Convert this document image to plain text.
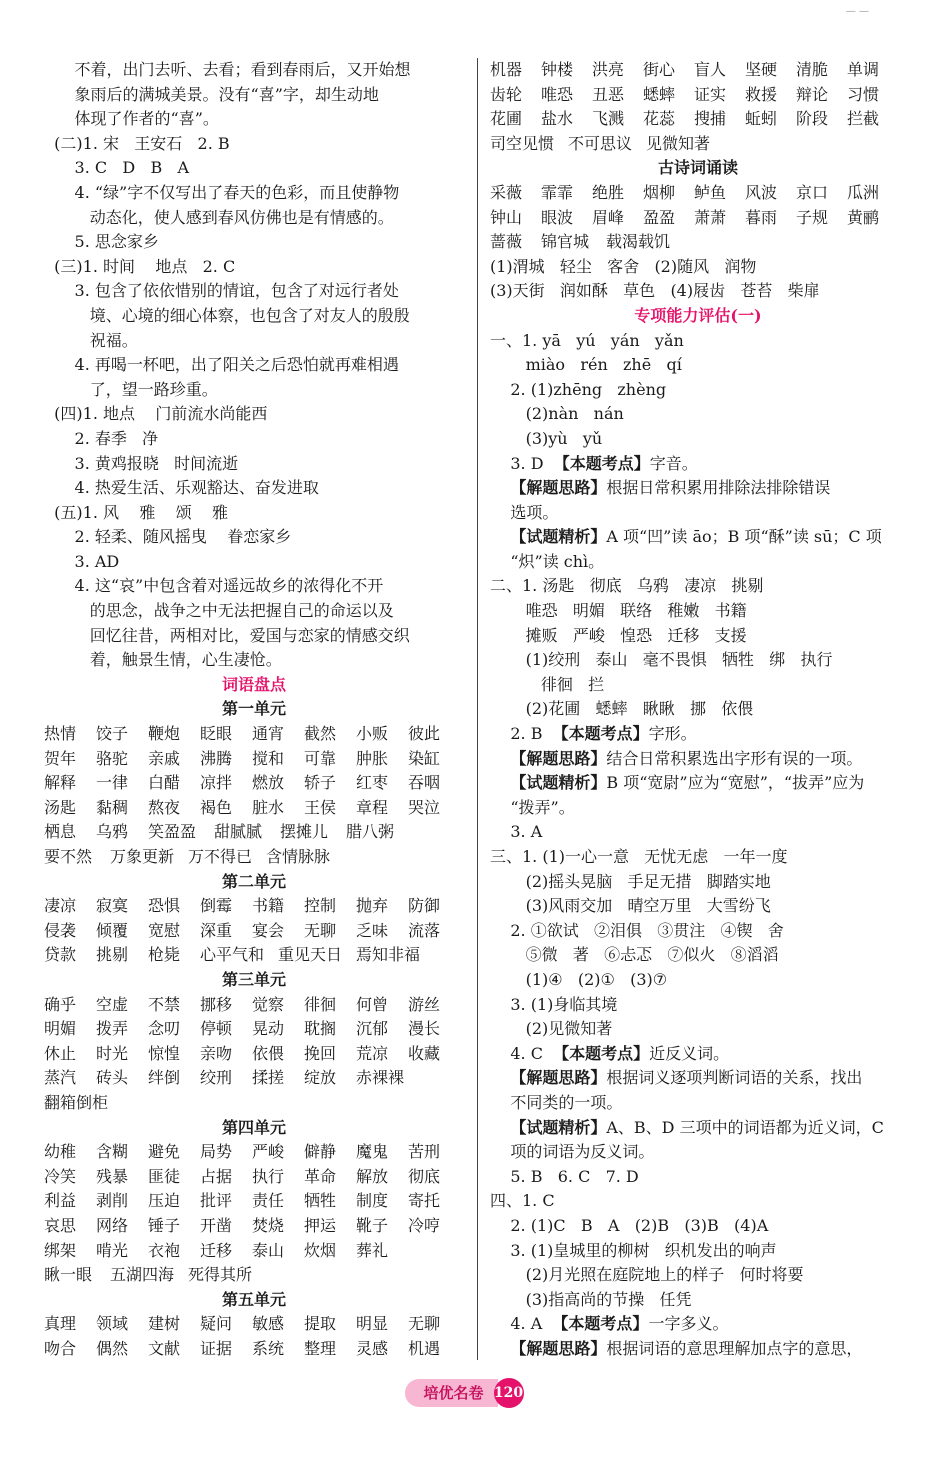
— —
不着，出门去听、去看；看到春雨后，又开始想
象雨后的满城美景。没有“喜”字，却生动地
体现了作者的“喜”。
(二)1. 宋   王安石   2. B
3. C   D   B   A
4. “绿”字不仅写出了春天的色彩，而且使静物
动态化，使人感到春风仿佛也是有情感的。
5. 思念家乡
(三)1. 时间    地点   2. C
3. 包含了依依惜别的情谊，包含了对远行者处
境、心境的细心体察，也包含了对友人的殷殷
祝福。
4. 再喝一杯吧，出了阳关之后恐怕就再难相遇
了，望一路珍重。
(四)1. 地点    门前流水尚能西
2. 春季   净
3. 黄鸡报晓   时间流逝
4. 热爱生活、乐观豁达、奋发进取
(五)1. 风    雅    颂    雅
2. 轻柔、随风摇曳    眷恋家乡
3. AD
4. 这“哀”中包含着对遥远故乡的浓得化不开
的思念，战争之中无法把握自己的命运以及
回忆往昔，两相对比，爱国与恋家的情感交织
着，触景生情，心生凄怆。
词语盘点
第一单元
热情	饺子	鞭炮	眨眼	通宵	截然	小贩	彼此
贺年	骆驼	亲戚	沸腾	搅和	可靠	肿胀	染缸
解释	一律	白醋	凉拌	燃放	轿子	红枣	吞咽
汤匙	黏稠	熬夜	褐色	脏水	王侯	章程	哭泣
栖息	乌鸦	笑盈盈 甜腻腻 摆摊儿 腊八粥
要不然 万象更新 万不得已 含情脉脉
第二单元
凄凉	寂寞	恐惧	倒霉	书籍	控制	抛弃	防御
侵袭	倾覆	宽慰	深重	宴会	无聊	乏味	流落
贷款	挑剔	枪毙	心平气和 重见天日 焉知非福
第三单元
确乎	空虚	不禁	挪移	觉察	徘徊	何曾	游丝
明媚	拨弄	念叨	停顿	晃动	耽搁	沉郁	漫长
休止	时光	惊惶	亲吻	依偎	挽回	荒凉	收藏
蒸汽	砖头	绊倒	绞刑	揉搓	绽放	赤裸裸
翻箱倒柜
第四单元
幼稚	含糊	避免	局势	严峻	僻静	魔鬼	苦刑
冷笑	残暴	匪徒	占据	执行	革命	解放	彻底
利益	剥削	压迫	批评	责任	牺牲	制度	寄托
哀思	网络	锤子	开凿	焚烧	押运	靴子	冷哼
绑架	啃光	衣袍	迁移	泰山	炊烟	葬礼
瞅一眼 五湖四海 死得其所
第五单元
真理	领域	建树	疑问	敏感	提取	明显	无聊
吻合	偶然	文献	证据	系统	整理	灵感	机遇
机器	钟楼	洪亮	街心	盲人	坚硬	清脆	单调
齿轮	唯恐	丑恶	蟋蟀	证实	救援	辩论	习惯
花圃	盐水	飞溅	花蕊	搜捕	蚯蚓	阶段	拦截
司空见惯 不可思议 见微知著
古诗词诵读
采薇	霏霏	绝胜	烟柳	鲈鱼	风波	京口	瓜洲
钟山	眼波	眉峰	盈盈	萧萧	暮雨	子规	黄鹂
蔷薇	锦官城 载渴载饥
(1)渭城   轻尘   客舍   (2)随风   润物
(3)天街   润如酥   草色   (4)屐齿   苍苔   柴扉
专项能力评估(一)
一、1. yā   yú   yán   yǎn
miào   rén   zhē   qí
2. (1)zhēng   zhèng
(2)nàn   nán
(3)yù   yǔ
3. D  【本题考点】字音。
【解题思路】根据日常积累用排除法排除错误
选项。
【试题精析】A 项“凹”读 āo；B 项“酥”读 sū；C 项
“炽”读 chì。
二、1. 汤匙   彻底   乌鸦   凄凉   挑剔
唯恐   明媚   联络   稚嫩   书籍
摊贩   严峻   惶恐   迁移   支援
(1)绞刑   泰山   毫不畏惧   牺牲   绑   执行
徘徊   拦
(2)花圃   蟋蟀   瞅瞅   挪   依偎
2. B  【本题考点】字形。
【解题思路】结合日常积累选出字形有误的一项。
【试题精析】B 项“宽尉”应为“宽慰”，“拔弄”应为
“拨弄”。
3. A
三、1. (1)一心一意   无忧无虑   一年一度
(2)摇头晃脑   手足无措   脚踏实地
(3)风雨交加   晴空万里   大雪纷飞
2. ①欲试   ②泪俱   ③贯注   ④锲   舍
⑤微   著   ⑥忐忑   ⑦似火   ⑧滔滔
(1)④   (2)①   (3)⑦
3. (1)身临其境
(2)见微知著
4. C  【本题考点】近反义词。
【解题思路】根据词义逐项判断词语的关系，找出
不同类的一项。
【试题精析】A、B、D 三项中的词语都为近义词，C
项的词语为反义词。
5. B   6. C   7. D
四、1. C
2. (1)C   B   A   (2)B   (3)B   (4)A
3. (1)皇城里的柳树   织机发出的响声
(2)月光照在庭院地上的样子   何时将要
(3)指高尚的节操   任凭
4. A  【本题考点】一字多义。
【解题思路】根据词语的意思理解加点字的意思，
培优名卷 120
